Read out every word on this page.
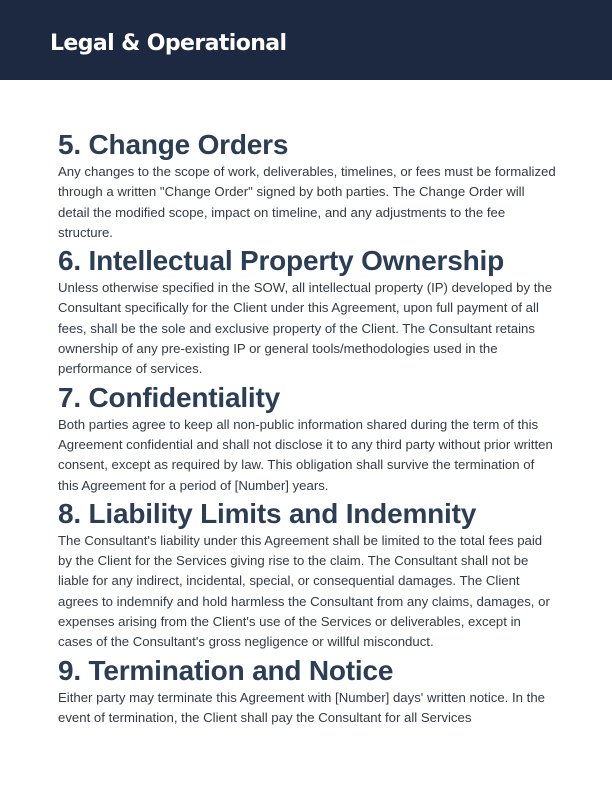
Legal & Operational
5. Change Orders

Any changes to the scope of work, deliverables, timelines, or fees must be formalized through a written "Change Order" signed by both parties. The Change Order will detail the modified scope, impact on timeline, and any adjustments to the fee structure.

6. Intellectual Property Ownership

Unless otherwise specified in the SOW, all intellectual property (IP) developed by the Consultant specifically for the Client under this Agreement, upon full payment of all fees, shall be the sole and exclusive property of the Client. The Consultant retains ownership of any pre-existing IP or general tools/methodologies used in the performance of services.

7. Confidentiality

Both parties agree to keep all non-public information shared during the term of this Agreement confidential and shall not disclose it to any third party without prior written consent, except as required by law. This obligation shall survive the termination of this Agreement for a period of [Number] years.

8. Liability Limits and Indemnity

The Consultant's liability under this Agreement shall be limited to the total fees paid by the Client for the Services giving rise to the claim. The Consultant shall not be liable for any indirect, incidental, special, or consequential damages. The Client agrees to indemnify and hold harmless the Consultant from any claims, damages, or expenses arising from the Client's use of the Services or deliverables, except in cases of the Consultant's gross negligence or willful misconduct.

9. Termination and Notice

Either party may terminate this Agreement with [Number] days' written notice. In the event of termination, the Client shall pay the Consultant for all Services
